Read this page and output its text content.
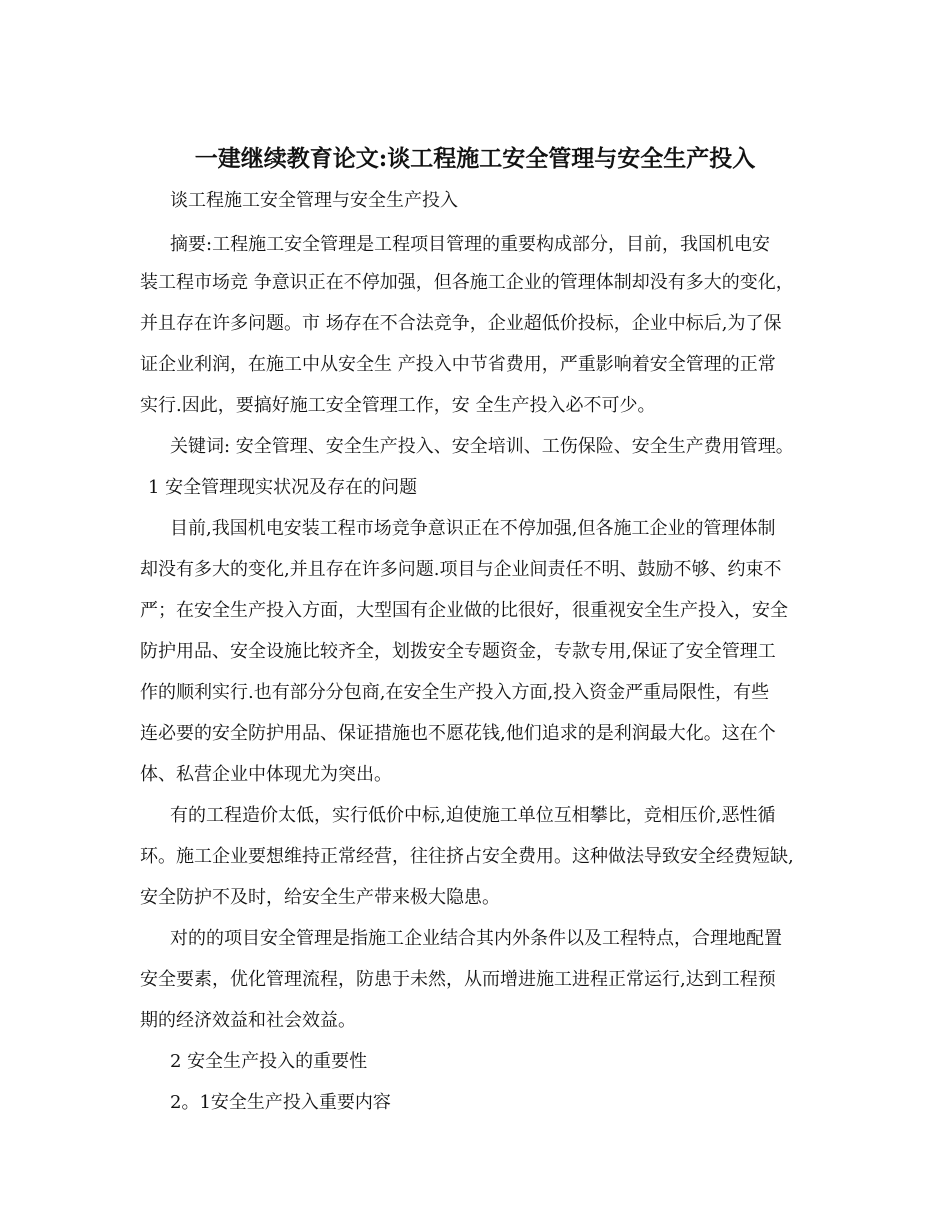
一建继续教育论文:谈工程施工安全管理与安全生产投入
谈工程施工安全管理与安全生产投入
摘要:工程施工安全管理是工程项目管理的重要构成部分，目前，我国机电安
装工程市场竞 争意识正在不停加强，但各施工企业的管理体制却没有多大的变化，
并且存在许多问题。市 场存在不合法竞争，企业超低价投标，企业中标后,为了保
证企业利润，在施工中从安全生 产投入中节省费用，严重影响着安全管理的正常
实行.因此，要搞好施工安全管理工作，安 全生产投入必不可少。
关键词: 安全管理、安全生产投入、安全培训、工伤保险、安全生产费用管理。
1 安全管理现实状况及存在的问题
目前,我国机电安装工程市场竞争意识正在不停加强,但各施工企业的管理体制
却没有多大的变化,并且存在许多问题.项目与企业间责任不明、鼓励不够、约束不
严；在安全生产投入方面，大型国有企业做的比很好，很重视安全生产投入，安全
防护用品、安全设施比较齐全，划拨安全专题资金，专款专用,保证了安全管理工
作的顺利实行.也有部分分包商,在安全生产投入方面,投入资金严重局限性，有些
连必要的安全防护用品、保证措施也不愿花钱,他们追求的是利润最大化。这在个
体、私营企业中体现尤为突出。
有的工程造价太低，实行低价中标,迫使施工单位互相攀比，竞相压价,恶性循
环。施工企业要想维持正常经营，往往挤占安全费用。这种做法导致安全经费短缺,
安全防护不及时，给安全生产带来极大隐患。
对的的项目安全管理是指施工企业结合其内外条件以及工程特点，合理地配置
安全要素，优化管理流程，防患于未然，从而增进施工进程正常运行,达到工程预
期的经济效益和社会效益。
2 安全生产投入的重要性
2。1安全生产投入重要内容
